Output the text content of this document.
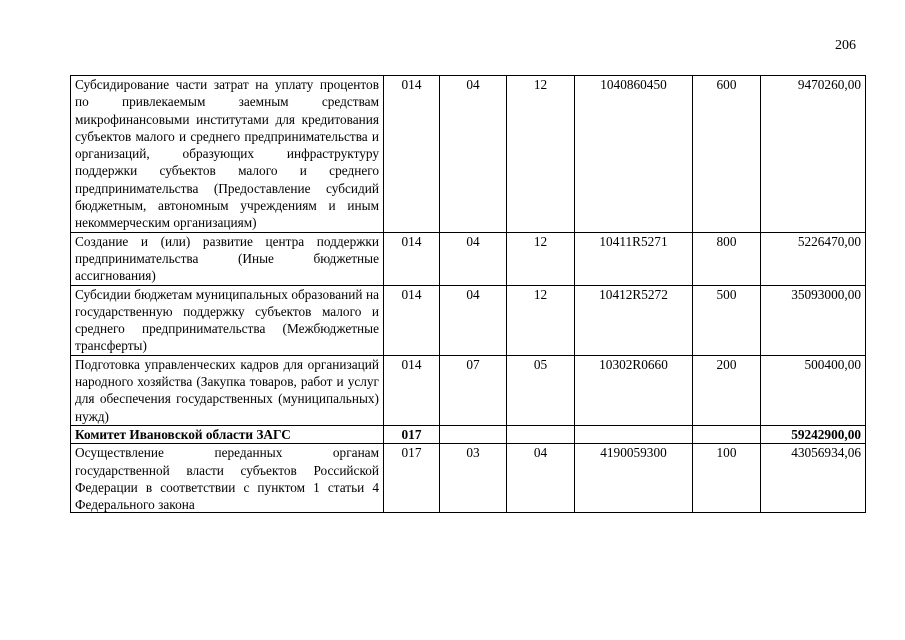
206
Субсидирование части затрат на уплату процентов по привлекаемым заемным средствам микрофинансовыми институтами для кредитования субъектов малого и среднего предпринимательства и организаций, образующих инфраструктуру поддержки субъектов малого и среднего предпринимательства (Предоставление субсидий бюджетным, автономным учреждениям и иным некоммерческим организациям)	014	04	12	1040860450	600	9470260,00
Создание и (или) развитие центра поддержки предпринимательства (Иные бюджетные ассигнования)	014	04	12	10411R5271	800	5226470,00
Субсидии бюджетам муниципальных образований на государственную поддержку субъектов малого и среднего предпринимательства (Межбюджетные трансферты)	014	04	12	10412R5272	500	35093000,00
Подготовка управленческих кадров для организаций народного хозяйства (Закупка товаров, работ и услуг для обеспечения государственных (муниципальных) нужд)	014	07	05	10302R0660	200	500400,00
Комитет Ивановской области ЗАГС	017					59242900,00

Осуществление переданных органам государственной власти субъектов Российской Федерации в соответствии с пунктом 1 статьи 4 Федерального закона	017	03	04	4190059300	100	43056934,06
